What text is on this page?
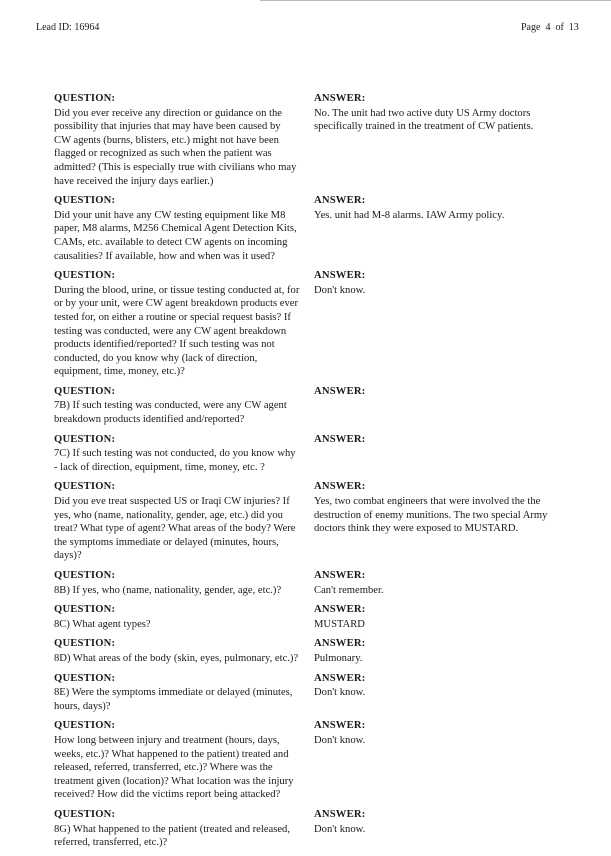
Lead ID: 16964	Page  4  of  13
QUESTION:
Did you ever receive any direction or guidance on the possibility that injuries that may have been caused by CW agents (burns, blisters, etc.) might not have been flagged or recognized as such when the patient was admitted? (This is especially true with civilians who may have received the injury days earlier.)
ANSWER:
No. The unit had two active duty US Army doctors specifically trained in the treatment of CW patients.
QUESTION:
Did your unit have any CW testing equipment like M8 paper, M8 alarms, M256 Chemical Agent Detection Kits, CAMs, etc. available to detect CW agents on incoming causalities? If available, how and when was it used?
ANSWER:
Yes. unit had M-8 alarms. IAW Army policy.
QUESTION:
During the blood, urine, or tissue testing conducted at, for or by your unit, were CW agent breakdown products ever tested for, on either a routine or special request basis? If testing was conducted, were any CW agent breakdown products identified/reported? If such testing was not conducted, do you know why (lack of direction, equipment, time, money, etc.)?
ANSWER:
Don't know.
QUESTION:
7B) If such testing was conducted, were any CW agent breakdown products identified and/reported?
ANSWER:
QUESTION:
7C) If such testing was not conducted, do you know why - lack of direction, equipment, time, money, etc. ?
ANSWER:
QUESTION:
Did you eve treat suspected US or Iraqi CW injuries? If yes, who (name, nationality, gender, age, etc.) did you treat? What type of agent? What areas of the body? Were the symptoms immediate or delayed (minutes, hours, days)?
ANSWER:
Yes, two combat engineers that were involved the the destruction of enemy munitions. The two special Army doctors think they were exposed to MUSTARD.
QUESTION:
8B) If yes, who (name, nationality, gender, age, etc.)?
ANSWER:
Can't remember.
QUESTION:
8C) What agent types?
ANSWER:
MUSTARD
QUESTION:
8D) What areas of the body (skin, eyes, pulmonary, etc.)?
ANSWER:
Pulmonary.
QUESTION:
8E) Were the symptoms immediate or delayed (minutes, hours, days)?
ANSWER:
Don't know.
QUESTION:
How long between injury and treatment (hours, days, weeks, etc.)? What happened to the patient) treated and released, referred, transferred, etc.)? Where was the treatment given (location)? What location was the injury received? How did the victims report being attacked?
ANSWER:
Don't know.
QUESTION:
8G) What happened to the patient (treated and released, referred, transferred, etc.)?
ANSWER:
Don't know.
